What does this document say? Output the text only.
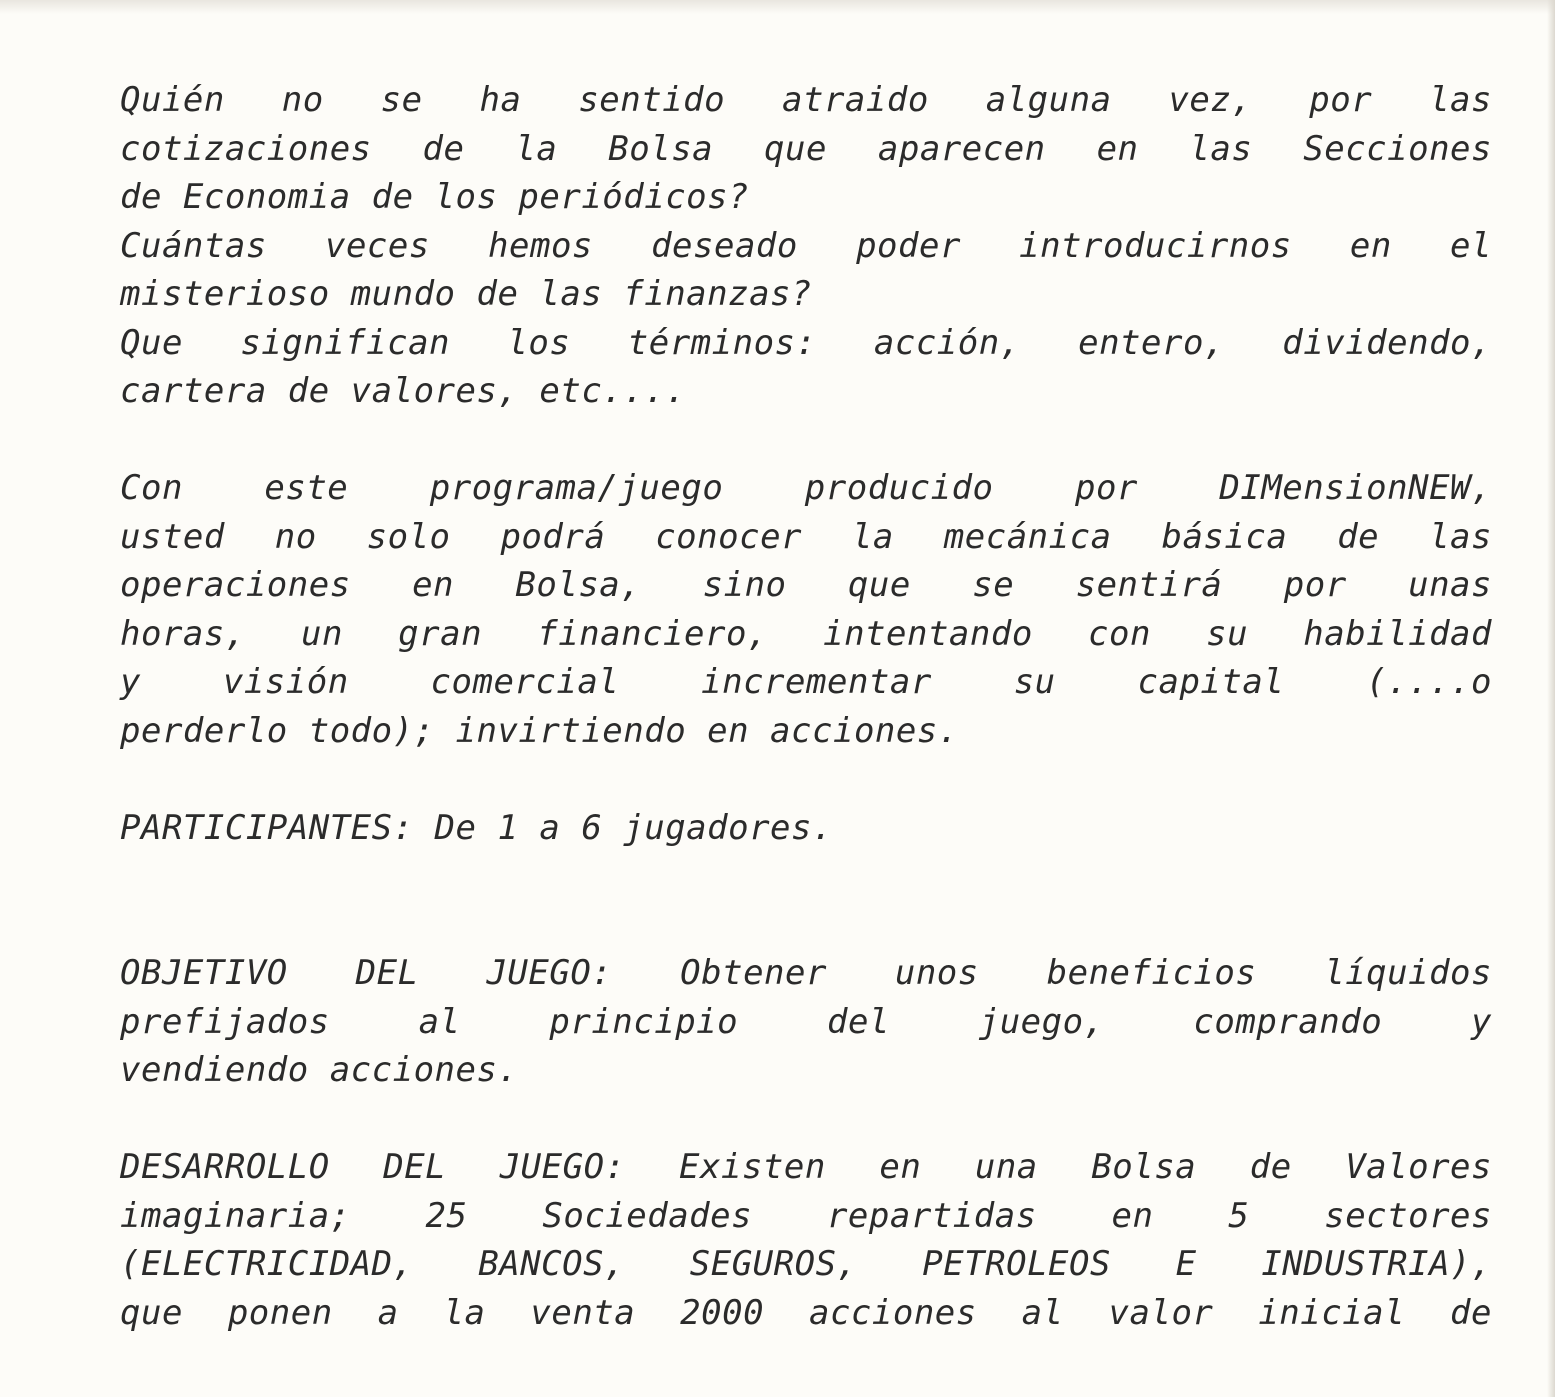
Quién no se ha sentido atraido alguna vez, por las
cotizaciones de la Bolsa que aparecen en las Secciones
de Economia de los periódicos?
Cuántas veces hemos deseado poder introducirnos en el
misterioso mundo de las finanzas?
Que significan los términos: acción, entero, dividendo,
cartera de valores, etc....
Con este programa/juego producido por DIMensionNEW,
usted no solo podrá conocer la mecánica básica de las
operaciones en Bolsa, sino que se sentirá por unas
horas, un gran financiero, intentando con su habilidad
y visión comercial incrementar su capital (....o
perderlo todo); invirtiendo en acciones.
PARTICIPANTES: De 1 a 6 jugadores.
OBJETIVO DEL JUEGO: Obtener unos beneficios líquidos
prefijados al principio del juego, comprando y
vendiendo acciones.
DESARROLLO DEL JUEGO: Existen en una Bolsa de Valores
imaginaria; 25 Sociedades repartidas en 5 sectores
(ELECTRICIDAD, BANCOS, SEGUROS, PETROLEOS E INDUSTRIA),
que ponen a la venta 2000 acciones al valor inicial de
